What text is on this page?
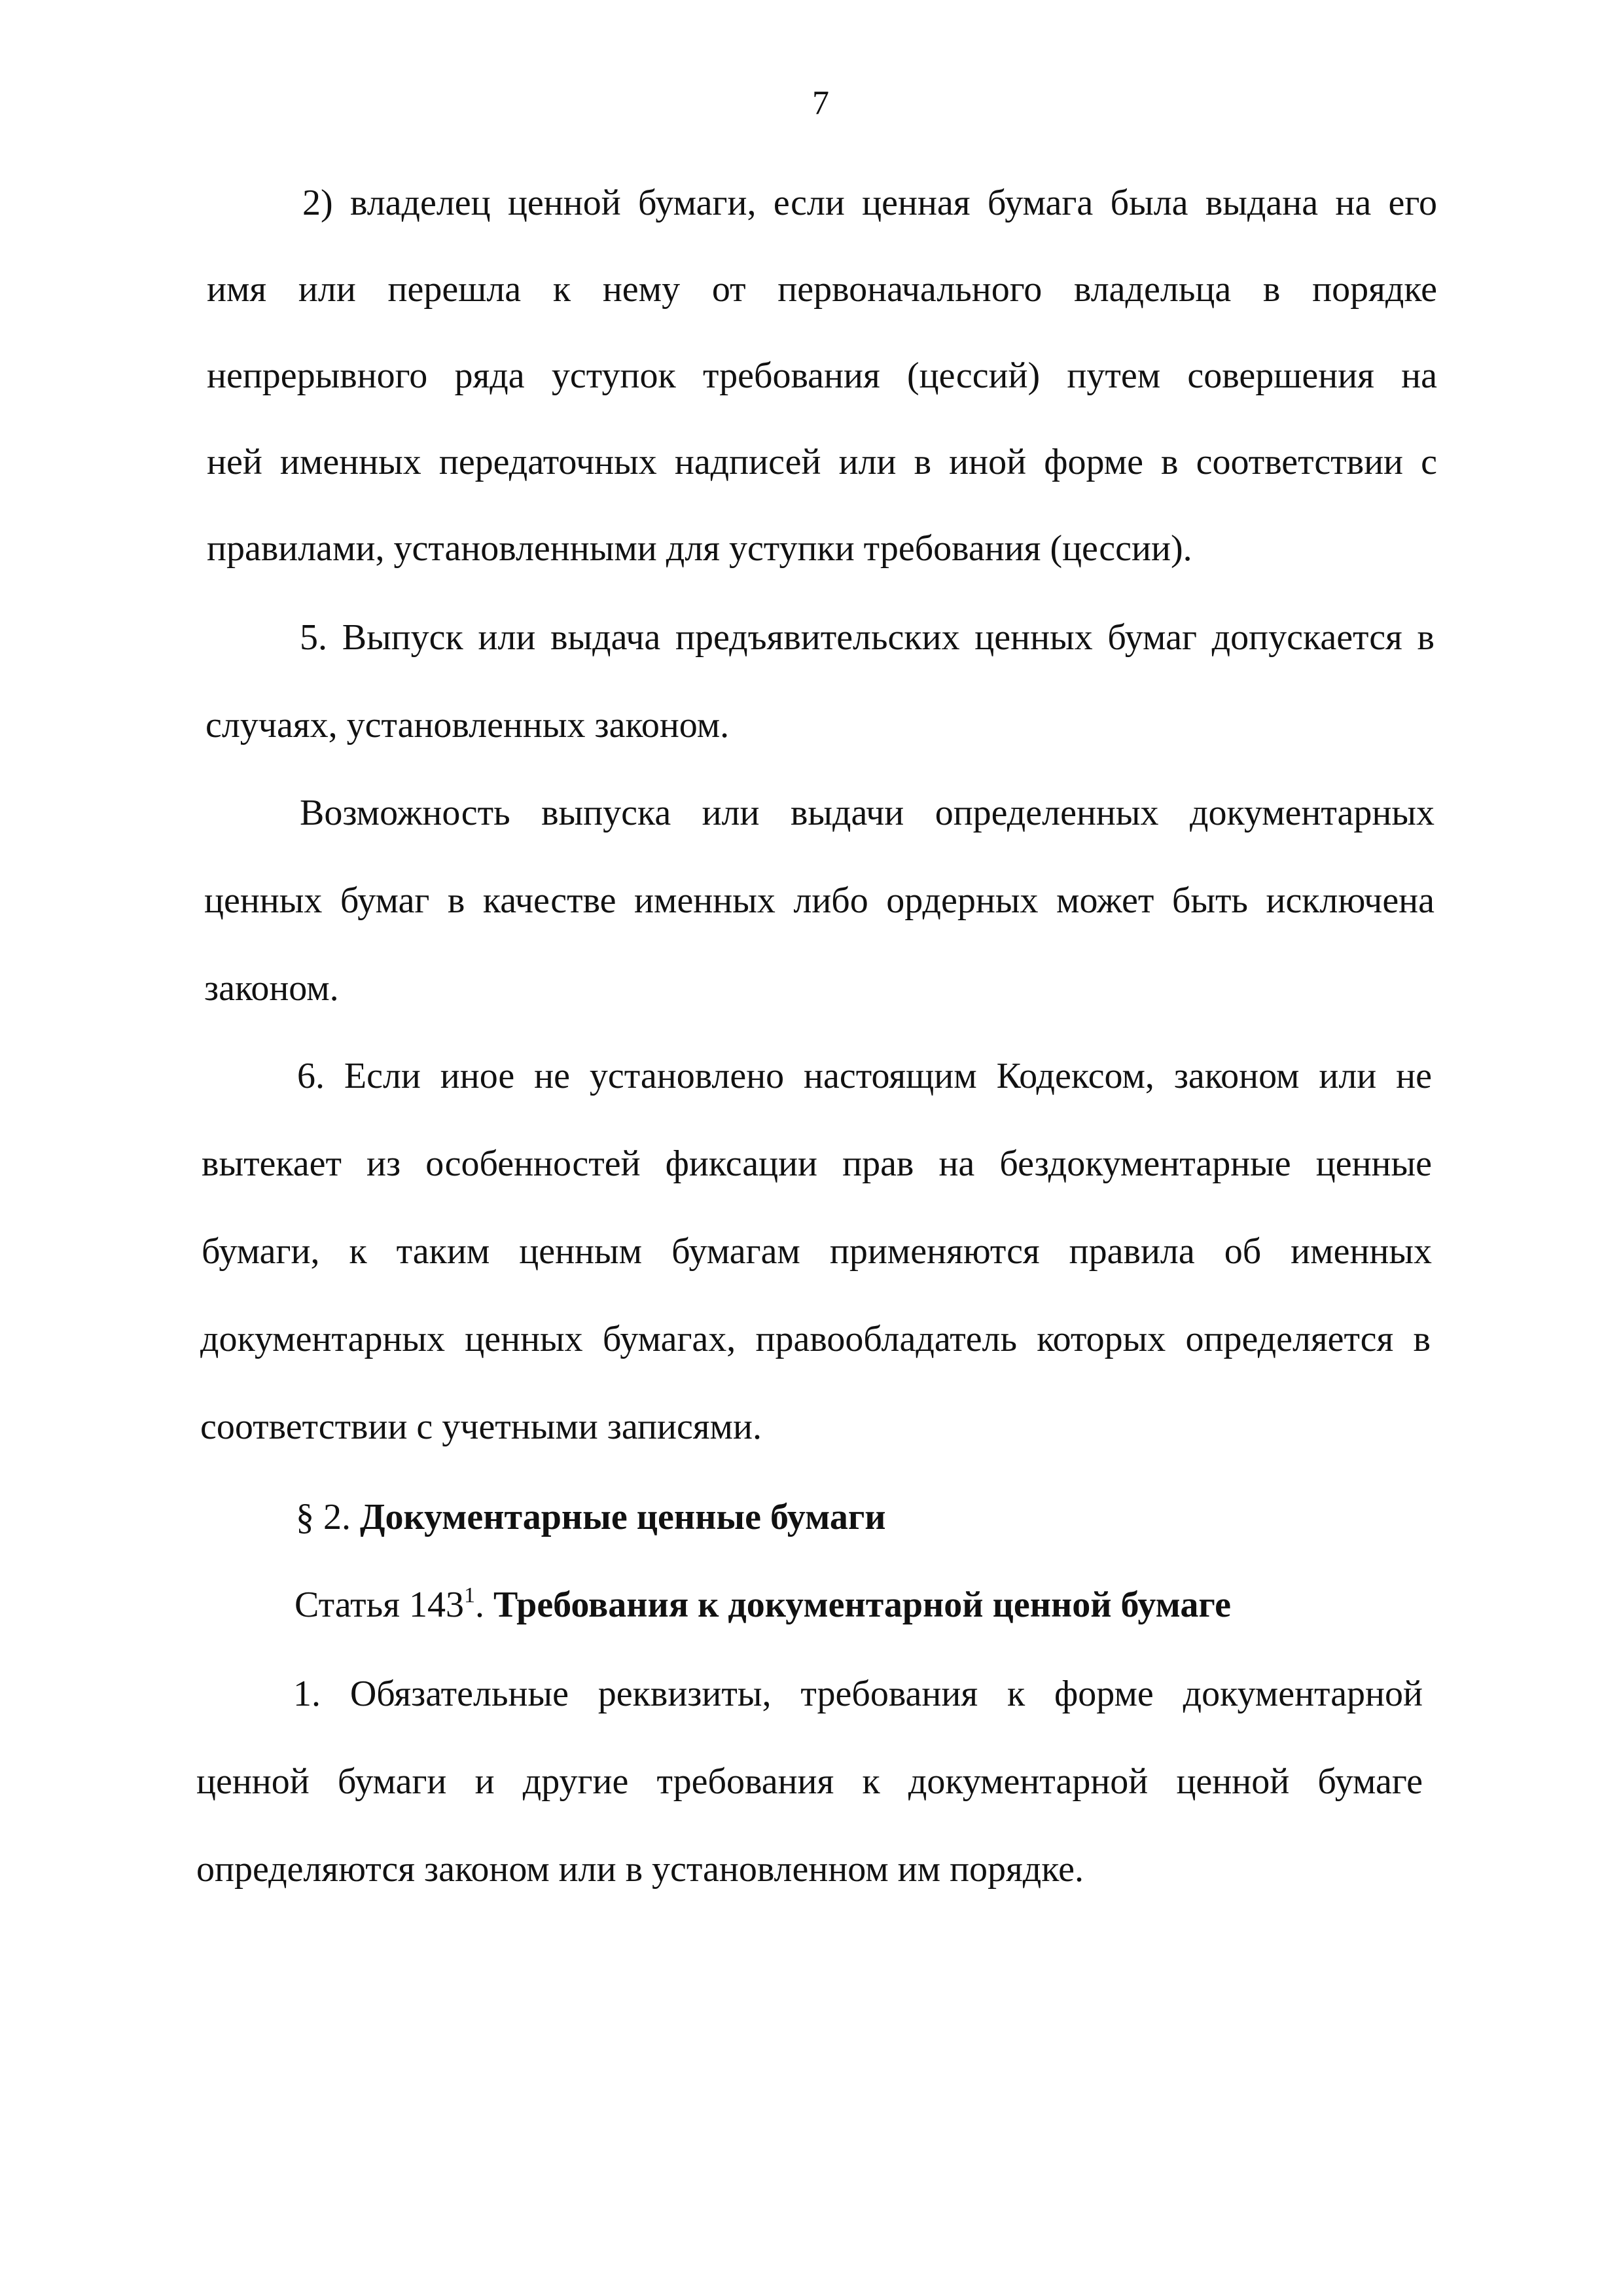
7
2) владелец ценной бумаги, если ценная бумага была выдана на его
имя или перешла к нему от первоначального владельца в порядке
непрерывного ряда уступок требования (цессий) путем совершения на
ней именных передаточных надписей или в иной форме в соответствии с
правилами, установленными для уступки требования (цессии).
5. Выпуск или выдача предъявительских ценных бумаг допускается в
случаях, установленных законом.
Возможность выпуска или выдачи определенных документарных
ценных бумаг в качестве именных либо ордерных может быть исключена
законом.
6. Если иное не установлено настоящим Кодексом, законом или не
вытекает из особенностей фиксации прав на бездокументарные ценные
бумаги, к таким ценным бумагам применяются правила об именных
документарных ценных бумагах, правообладатель которых определяется в
соответствии с учетными записями.
§ 2. Документарные ценные бумаги
Статья $143^1$. Требования к документарной ценной бумаге
1. Обязательные реквизиты, требования к форме документарной
ценной бумаги и другие требования к документарной ценной бумаге
определяются законом или в установленном им порядке.
